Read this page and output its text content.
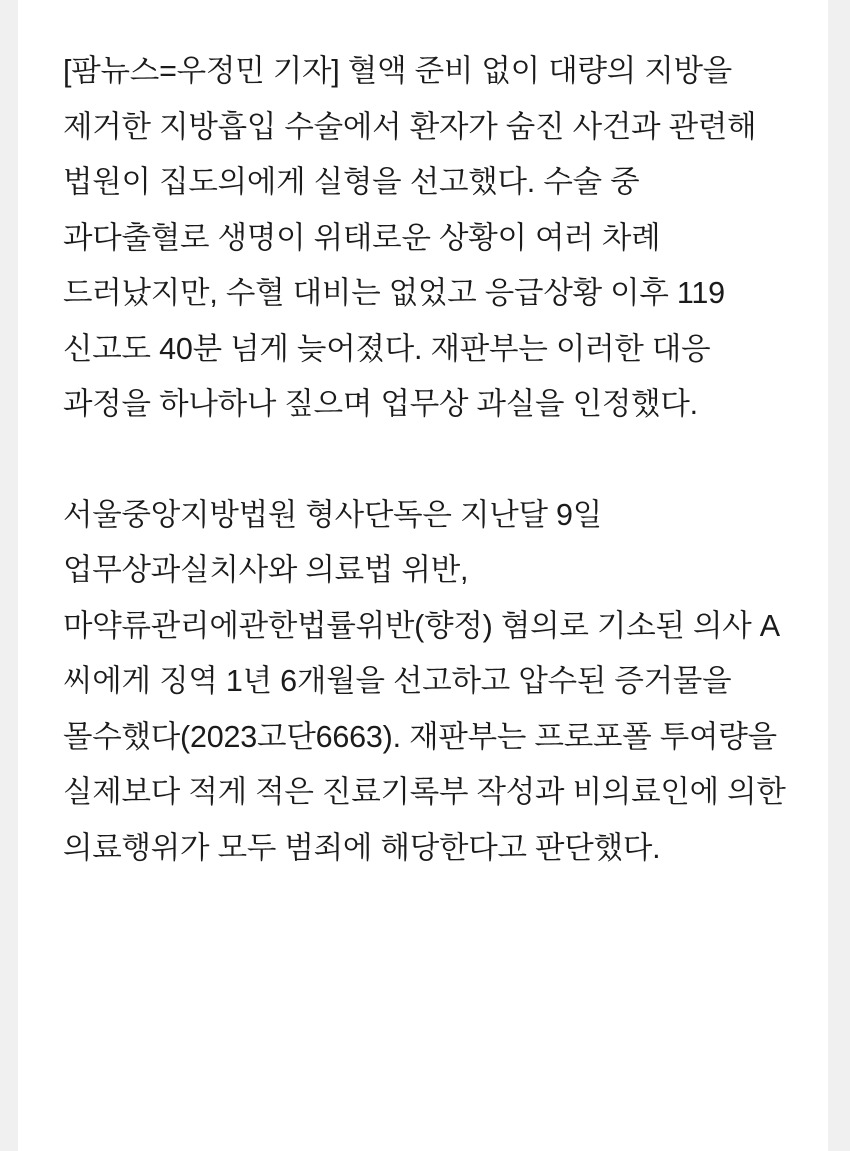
[팜뉴스=우정민 기자] 혈액 준비 없이 대량의 지방을 제거한 지방흡입 수술에서 환자가 숨진 사건과 관련해 법원이 집도의에게 실형을 선고했다. 수술 중 과다출혈로 생명이 위태로운 상황이 여러 차례 드러났지만, 수혈 대비는 없었고 응급상황 이후 119 신고도 40분 넘게 늦어졌다. 재판부는 이러한 대응 과정을 하나하나 짚으며 업무상 과실을 인정했다.

서울중앙지방법원 형사단독은 지난달 9일 업무상과실치사와 의료법 위반, 마약류관리에관한법률위반(향정) 혐의로 기소된 의사 A 씨에게 징역 1년 6개월을 선고하고 압수된 증거물을 몰수했다(2023고단6663). 재판부는 프로포폴 투여량을 실제보다 적게 적은 진료기록부 작성과 비의료인에 의한 의료행위가 모두 범죄에 해당한다고 판단했다.
